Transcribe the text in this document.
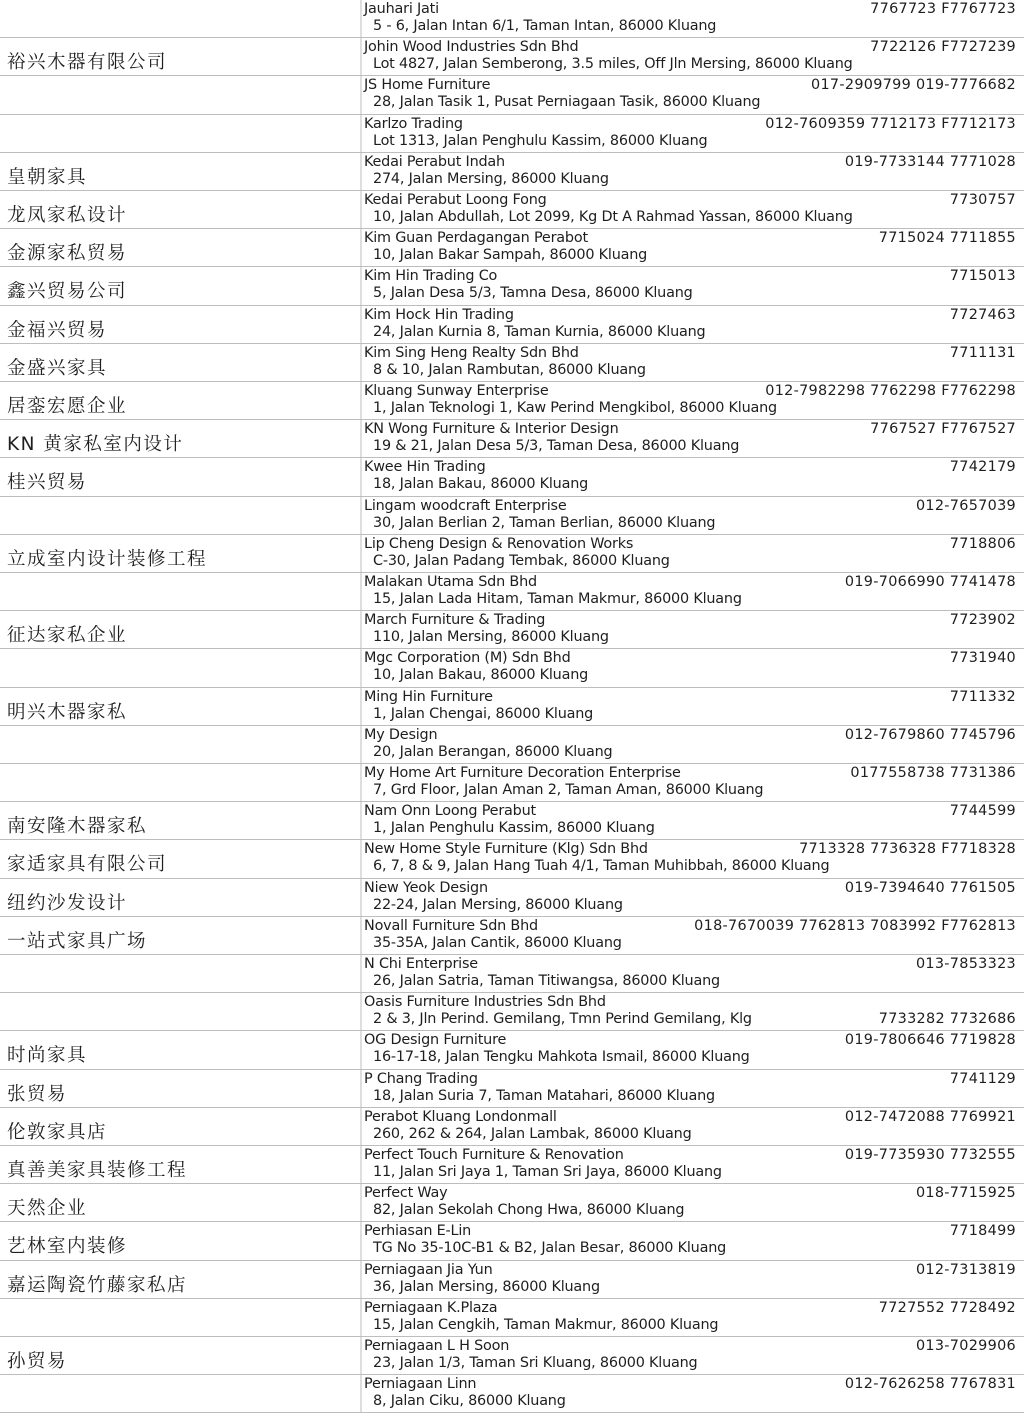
Jauhari Jati
5 - 6, Jalan Intan 6/1, Taman Intan, 86000 Kluang
7767723 F7767723
裕兴木器有限公司
Johin Wood Industries Sdn Bhd
Lot 4827, Jalan Semberong, 3.5 miles, Off Jln Mersing, 86000 Kluang
7722126 F7727239
JS Home Furniture
28, Jalan Tasik 1, Pusat Perniagaan Tasik, 86000 Kluang
017-2909799 019-7776682
Karlzo Trading
Lot 1313, Jalan Penghulu Kassim, 86000 Kluang
012-7609359 7712173 F7712173
皇朝家具
Kedai Perabut Indah
274, Jalan Mersing, 86000 Kluang
019-7733144 7771028
龙凤家私设计
Kedai Perabut Loong Fong
10, Jalan Abdullah, Lot 2099, Kg Dt A Rahmad Yassan, 86000 Kluang
7730757
金源家私贸易
Kim Guan Perdagangan Perabot
10, Jalan Bakar Sampah, 86000 Kluang
7715024 7711855
鑫兴贸易公司
Kim Hin Trading Co
5, Jalan Desa 5/3, Tamna Desa, 86000 Kluang
7715013
金福兴贸易
Kim Hock Hin Trading
24, Jalan Kurnia 8, Taman Kurnia, 86000 Kluang
7727463
金盛兴家具
Kim Sing Heng Realty Sdn Bhd
8 & 10, Jalan Rambutan, 86000 Kluang
7711131
居銮宏愿企业
Kluang Sunway Enterprise
1, Jalan Teknologi 1, Kaw Perind Mengkibol, 86000 Kluang
012-7982298 7762298 F7762298
KN 黄家私室内设计
KN Wong Furniture & Interior Design
19 & 21, Jalan Desa 5/3, Taman Desa, 86000 Kluang
7767527 F7767527
桂兴贸易
Kwee Hin Trading
18, Jalan Bakau, 86000 Kluang
7742179
Lingam woodcraft Enterprise
30, Jalan Berlian 2, Taman Berlian, 86000 Kluang
012-7657039
立成室内设计装修工程
Lip Cheng Design & Renovation Works
C-30, Jalan Padang Tembak, 86000 Kluang
7718806
Malakan Utama Sdn Bhd
15, Jalan Lada Hitam, Taman Makmur, 86000 Kluang
019-7066990 7741478
征达家私企业
March Furniture & Trading
110, Jalan Mersing, 86000 Kluang
7723902
Mgc Corporation (M) Sdn Bhd
10, Jalan Bakau, 86000 Kluang
7731940
明兴木器家私
Ming Hin Furniture
1, Jalan Chengai, 86000 Kluang
7711332
My Design
20, Jalan Berangan, 86000 Kluang
012-7679860 7745796
My Home Art Furniture Decoration Enterprise
7, Grd Floor, Jalan Aman 2, Taman Aman, 86000 Kluang
0177558738 7731386
南安隆木器家私
Nam Onn Loong Perabut
1, Jalan Penghulu Kassim, 86000 Kluang
7744599
家适家具有限公司
New Home Style Furniture (Klg) Sdn Bhd
6, 7, 8 & 9, Jalan Hang Tuah 4/1, Taman Muhibbah, 86000 Kluang
7713328 7736328 F7718328
纽约沙发设计
Niew Yeok Design
22-24, Jalan Mersing, 86000 Kluang
019-7394640 7761505
一站式家具广场
Novall Furniture Sdn Bhd
35-35A, Jalan Cantik, 86000 Kluang
018-7670039 7762813 7083992 F7762813
N Chi Enterprise
26, Jalan Satria, Taman Titiwangsa, 86000 Kluang
013-7853323
Oasis Furniture Industries Sdn Bhd
2 & 3, Jln Perind. Gemilang, Tmn Perind Gemilang, Klg	7733282 7732686
时尚家具
OG Design Furniture
16-17-18, Jalan Tengku Mahkota Ismail, 86000 Kluang
019-7806646 7719828
张贸易
P Chang Trading
18, Jalan Suria 7, Taman Matahari, 86000 Kluang
7741129
伦敦家具店
Perabot Kluang Londonmall
260, 262 & 264, Jalan Lambak, 86000 Kluang
012-7472088 7769921
真善美家具装修工程
Perfect Touch Furniture & Renovation
11, Jalan Sri Jaya 1, Taman Sri Jaya, 86000 Kluang
019-7735930 7732555
天然企业
Perfect Way
82, Jalan Sekolah Chong Hwa, 86000 Kluang
018-7715925
艺林室内装修
Perhiasan E-Lin
TG No 35-10C-B1 & B2, Jalan Besar, 86000 Kluang
7718499
嘉运陶瓷竹藤家私店
Perniagaan Jia Yun
36, Jalan Mersing, 86000 Kluang
012-7313819
Perniagaan K.Plaza
15, Jalan Cengkih, Taman Makmur, 86000 Kluang
7727552 7728492
孙贸易
Perniagaan L H Soon
23, Jalan 1/3, Taman Sri Kluang, 86000 Kluang
013-7029906
Perniagaan Linn
8, Jalan Ciku, 86000 Kluang
012-7626258 7767831
